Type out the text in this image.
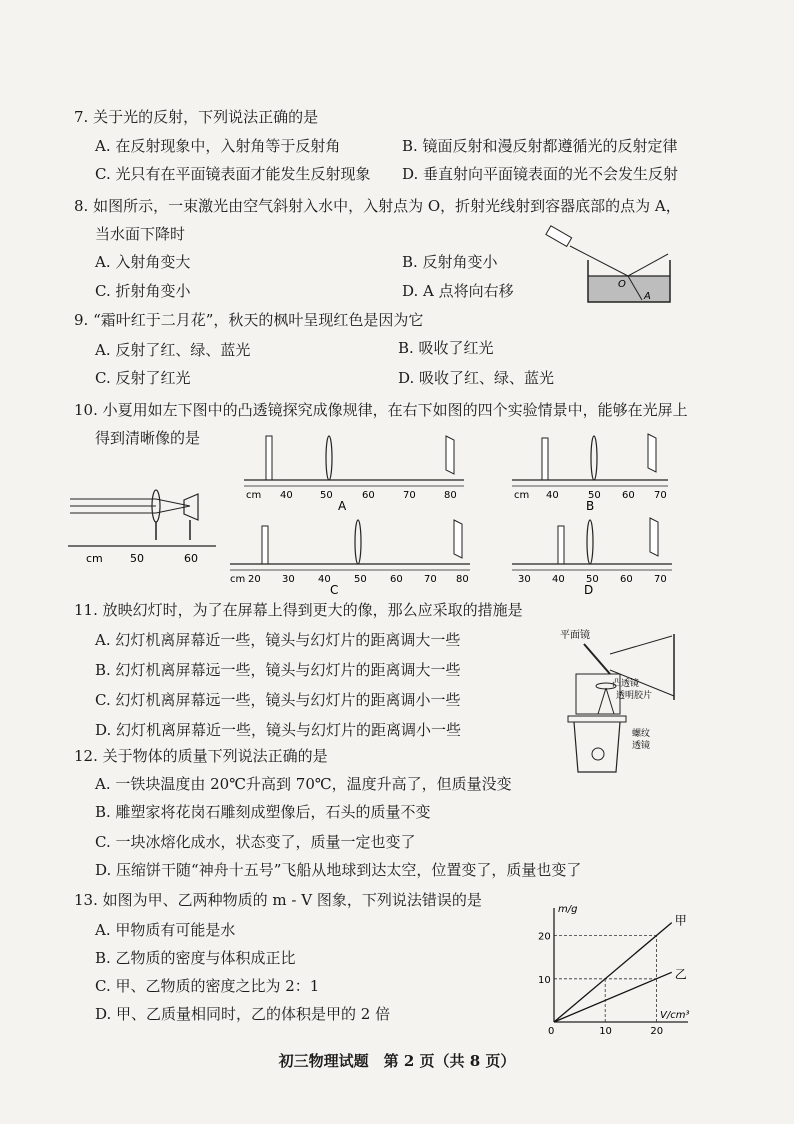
7. 关于光的反射，下列说法正确的是
A. 在反射现象中，入射角等于反射角	B. 镜面反射和漫反射都遵循光的反射定律
C. 光只有在平面镜表面才能发生反射现象 D. 垂直射向平面镜表面的光不会发生反射
8. 如图所示，一束激光由空气斜射入水中，入射点为 O，折射光线射到容器底部的点为 A，
当水面下降时
A. 入射角变大	B. 反射角变小
C. 折射角变小	D. A 点将向右移	O
A
9. “霜叶红于二月花”，秋天的枫叶呈现红色是因为它
A. 反射了红、绿、蓝光	B. 吸收了红光
C. 反射了红光	D. 吸收了红、绿、蓝光
10. 小夏用如左下图中的凸透镜探究成像规律，在右下如图的四个实验情景中，能够在光屏上
得到清晰像的是
cm 50	60
cm 40	50	60	70	80
A
cm 40	50 60 70
B
cm 20 30 40 50 60 70 80
C
30 40 50 60 70
D
11. 放映幻灯时，为了在屏幕上得到更大的像，那么应采取的措施是
A. 幻灯机离屏幕近一些，镜头与幻灯片的距离调大一些
B. 幻灯机离屏幕远一些，镜头与幻灯片的距离调大一些
C. 幻灯机离屏幕远一些，镜头与幻灯片的距离调小一些
D. 幻灯机离屏幕近一些，镜头与幻灯片的距离调小一些
平面镜
凸透镜
透明胶片
螺纹
透镜
12. 关于物体的质量下列说法正确的是
A. 一铁块温度由 20℃升高到 70℃，温度升高了，但质量没变
B. 雕塑家将花岗石雕刻成塑像后，石头的质量不变
C. 一块冰熔化成水，状态变了，质量一定也变了
D. 压缩饼干随“神舟十五号”飞船从地球到达太空，位置变了，质量也变了
13. 如图为甲、乙两种物质的 m - V 图象，下列说法错误的是
A. 甲物质有可能是水
B. 乙物质的密度与体积成正比
C. 甲、乙物质的密度之比为 2：1
D. 甲、乙质量相同时，乙的体积是甲的 2 倍
甲
乙
10
20
0	10	20
m/g
V/cm³
初三物理试题　第 2 页（共 8 页）
